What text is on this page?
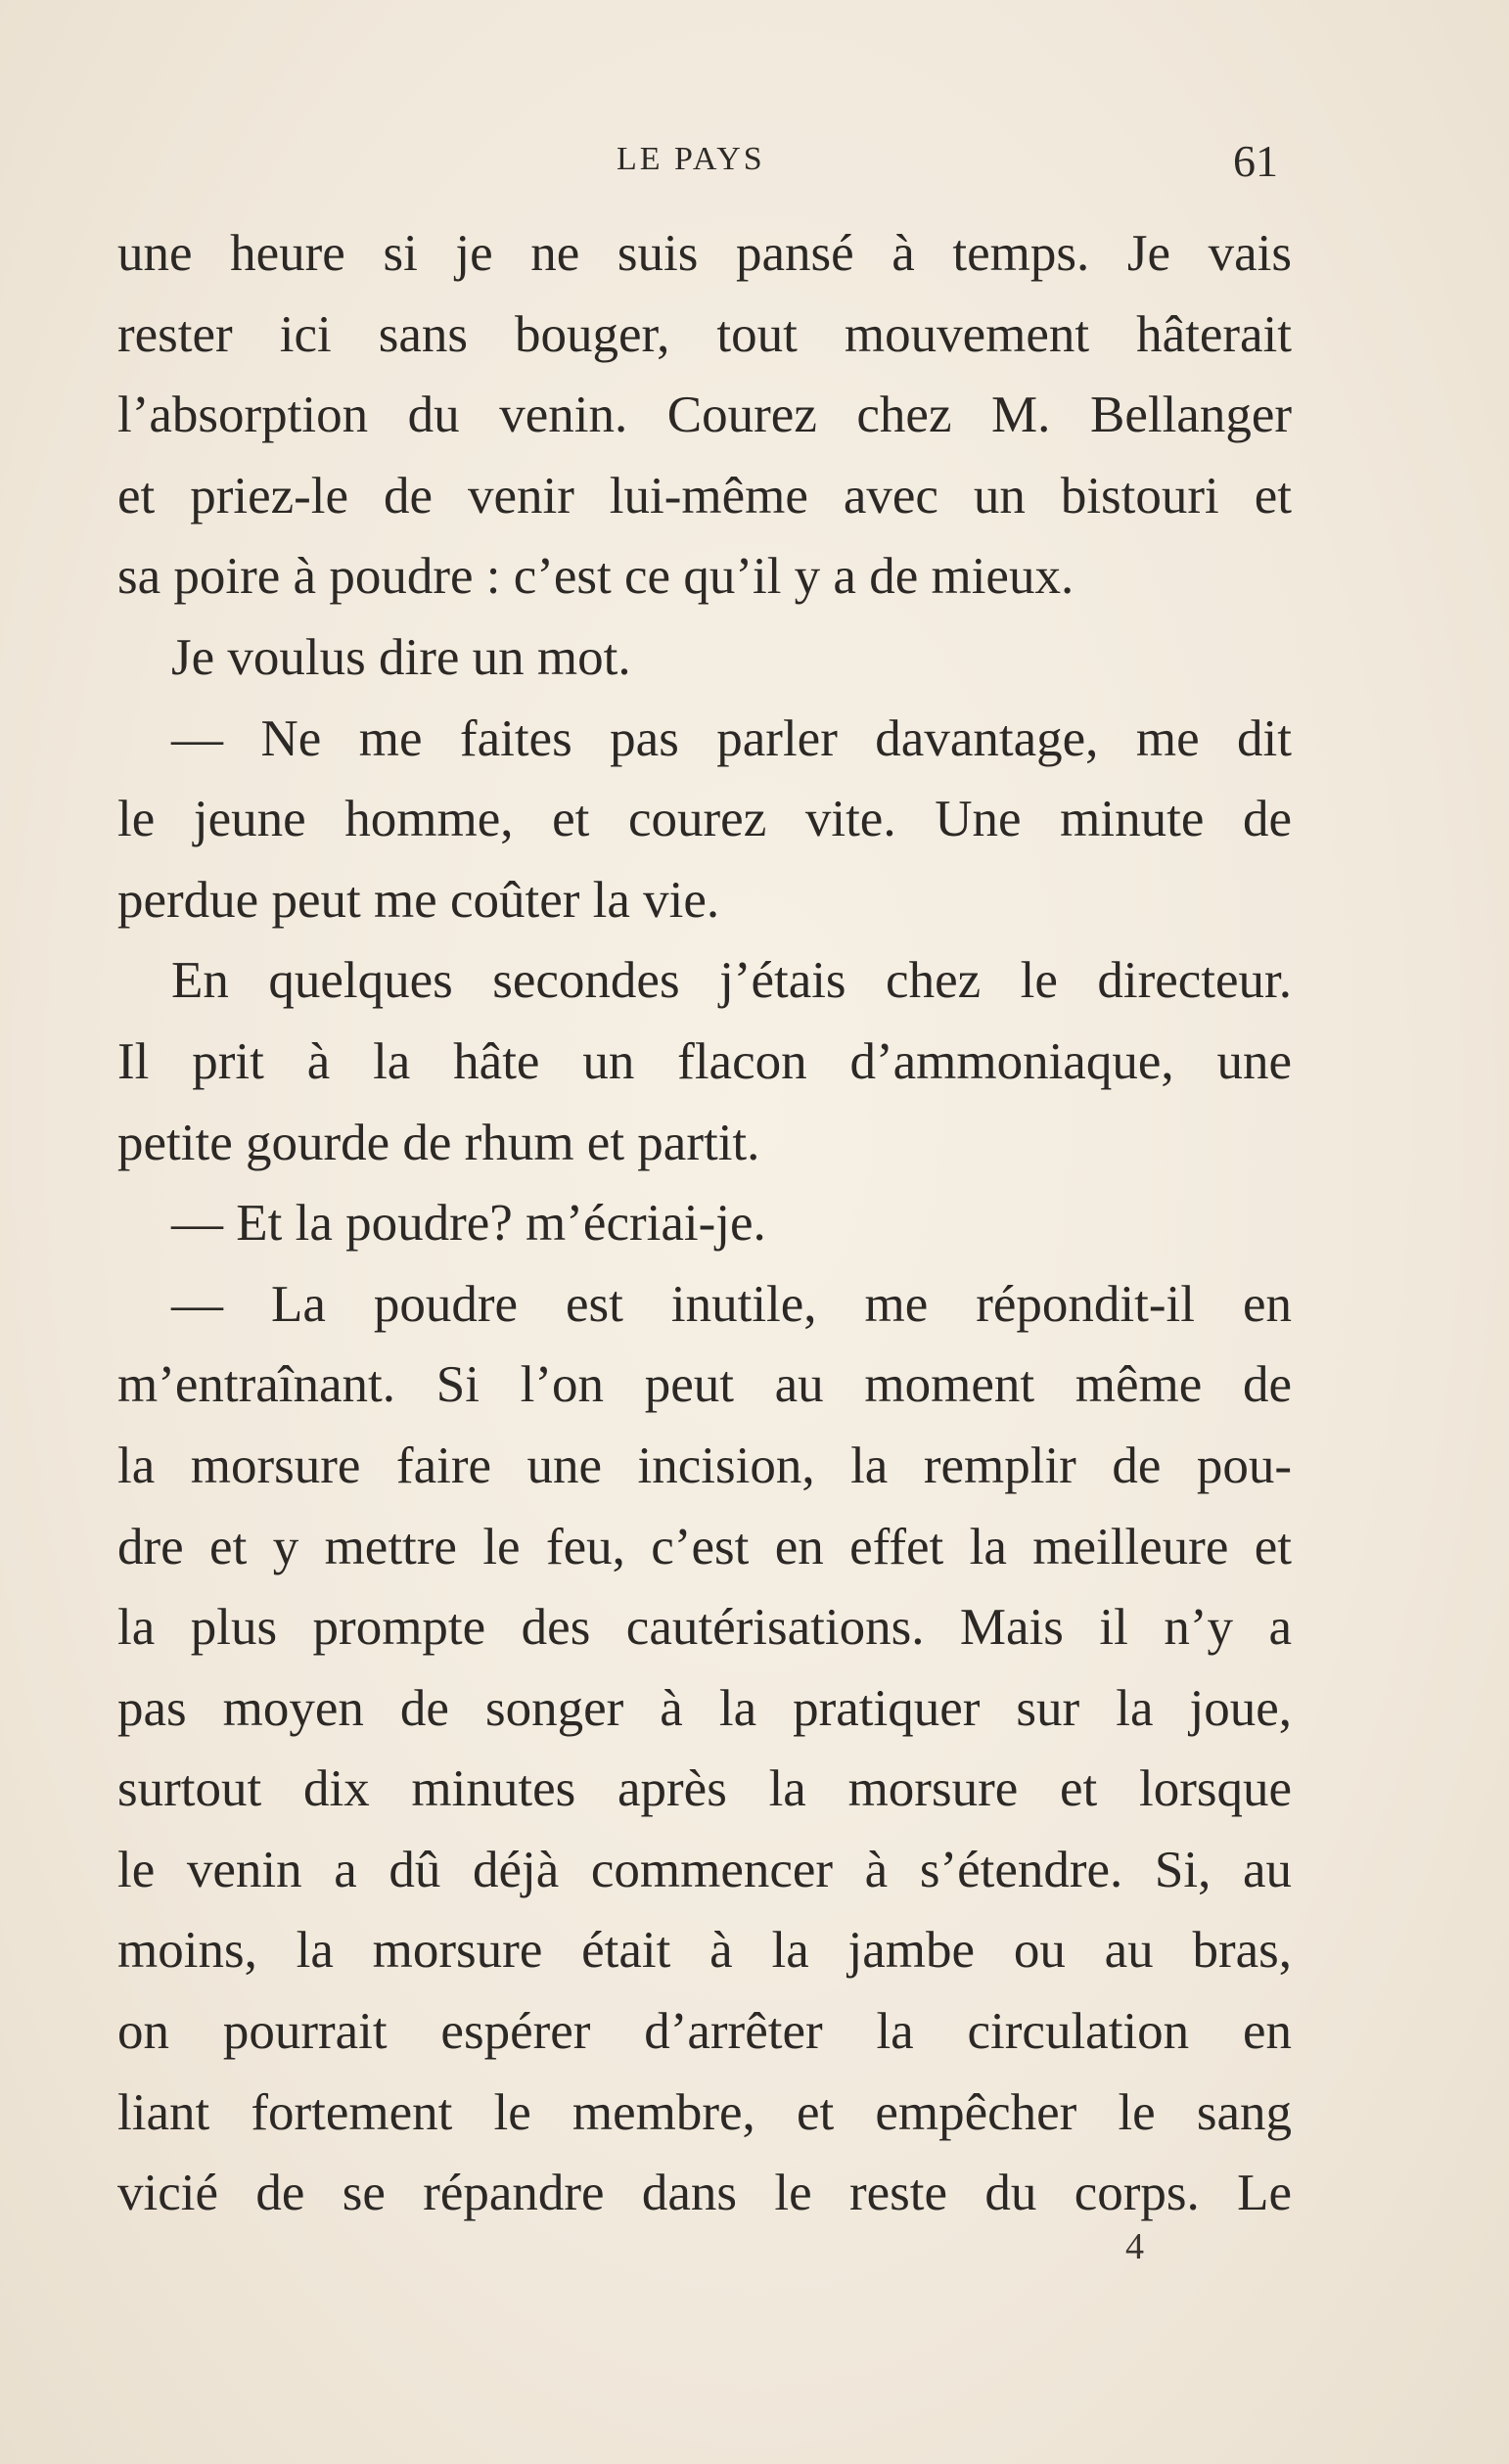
LE PAYS	61
une heure si je ne suis pansé à temps. Je vais
rester ici sans bouger, tout mouvement hâterait
l’absorption du venin. Courez chez M. Bellanger
et priez-le de venir lui-même avec un bistouri et
sa poire à poudre : c’est ce qu’il y a de mieux.
Je voulus dire un mot.
— Ne me faites pas parler davantage, me dit
le jeune homme, et courez vite. Une minute de
perdue peut me coûter la vie.
En quelques secondes j’étais chez le directeur.
Il prit à la hâte un flacon d’ammoniaque, une
petite gourde de rhum et partit.
— Et la poudre? m’écriai-je.
— La poudre est inutile, me répondit-il en
m’entraînant. Si l’on peut au moment même de
la morsure faire une incision, la remplir de pou-
dre et y mettre le feu, c’est en effet la meilleure et
la plus prompte des cautérisations. Mais il n’y a
pas moyen de songer à la pratiquer sur la joue,
surtout dix minutes après la morsure et lorsque
le venin a dû déjà commencer à s’étendre. Si, au
moins, la morsure était à la jambe ou au bras,
on pourrait espérer d’arrêter la circulation en
liant fortement le membre, et empêcher le sang
vicié de se répandre dans le reste du corps. Le
4
